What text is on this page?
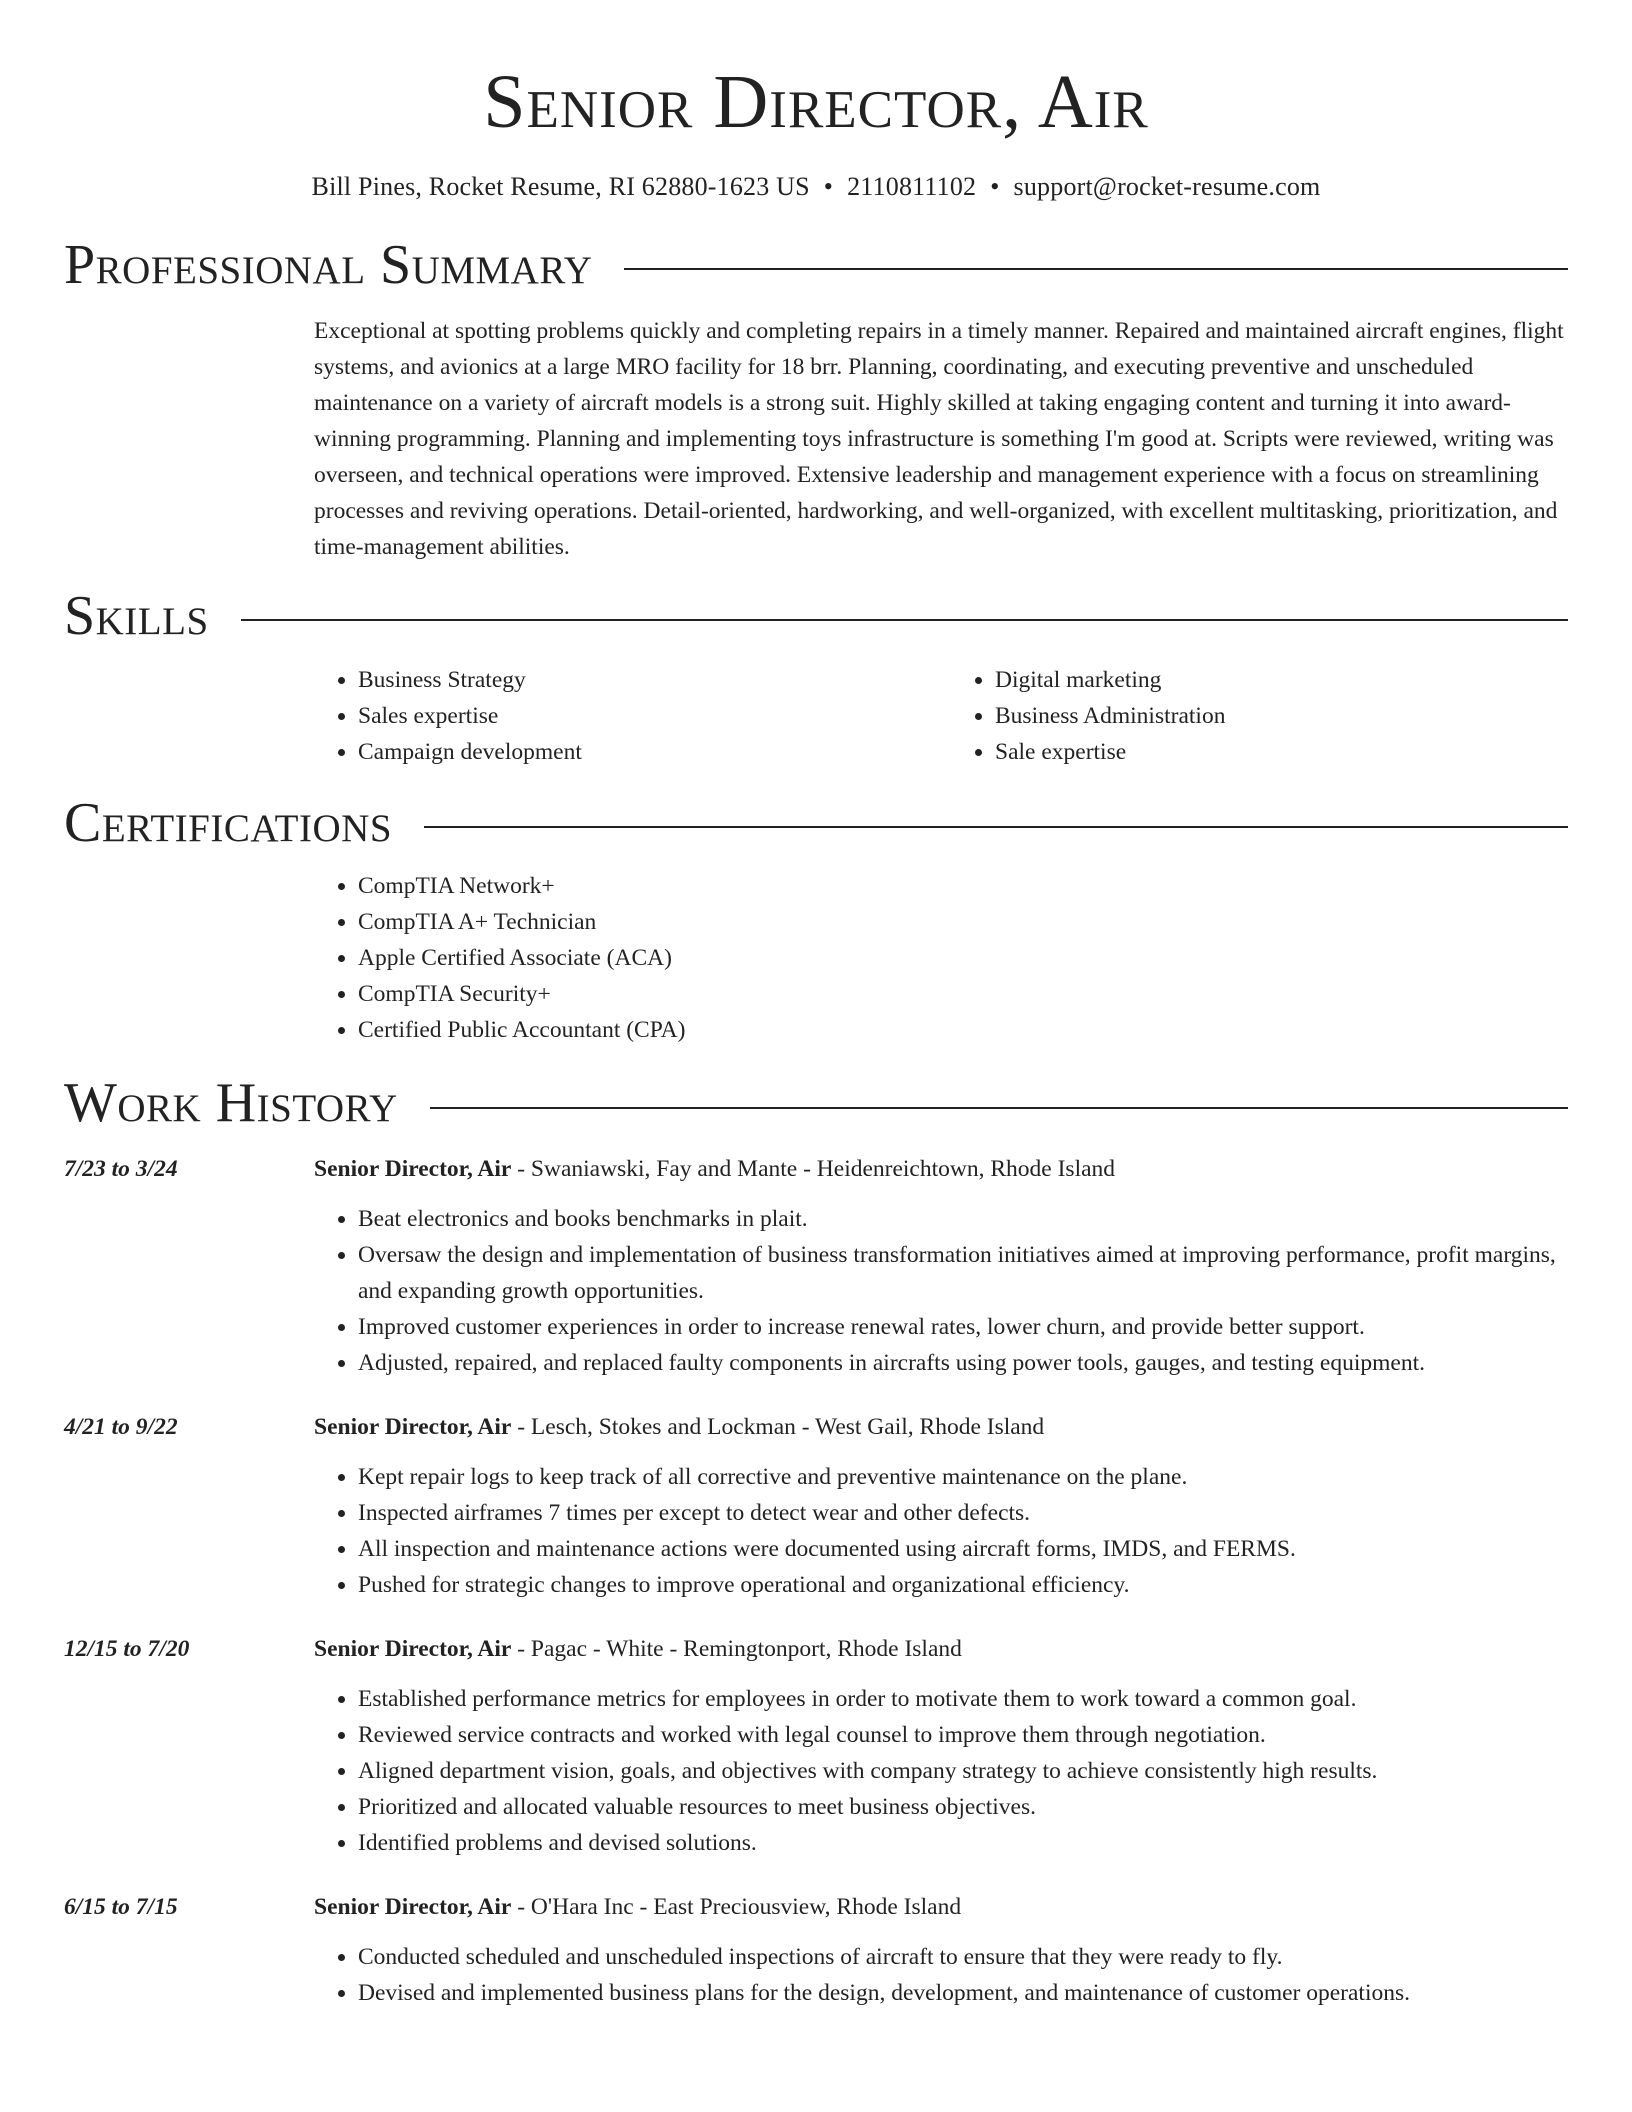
Senior Director, Air
Bill Pines, Rocket Resume, RI 62880-1623 US • 2110811102 • support@rocket-resume.com
Professional Summary

Exceptional at spotting problems quickly and completing repairs in a timely manner. Repaired and maintained aircraft engines, flight systems, and avionics at a large MRO facility for 18 brr. Planning, coordinating, and executing preventive and unscheduled maintenance on a variety of aircraft models is a strong suit. Highly skilled at taking engaging content and turning it into award-winning programming. Planning and implementing toys infrastructure is something I'm good at. Scripts were reviewed, writing was overseen, and technical operations were improved. Extensive leadership and management experience with a focus on streamlining processes and reviving operations. Detail-oriented, hardworking, and well-organized, with excellent multitasking, prioritization, and time-management abilities.

Skills
• Business Strategy
• Sales expertise
• Campaign development
• Digital marketing
• Business Administration
• Sale expertise
Certifications
• CompTIA Network+
• CompTIA A+ Technician
• Apple Certified Associate (ACA)
• CompTIA Security+
• Certified Public Accountant (CPA)
Work History
7/23 to 3/24	Senior Director, Air - Swaniawski, Fay and Mante - Heidenreichtown, Rhode Island
• Beat electronics and books benchmarks in plait.
• Oversaw the design and implementation of business transformation initiatives aimed at improving performance, profit margins, and expanding growth opportunities.
• Improved customer experiences in order to increase renewal rates, lower churn, and provide better support.
• Adjusted, repaired, and replaced faulty components in aircrafts using power tools, gauges, and testing equipment.
4/21 to 9/22	Senior Director, Air - Lesch, Stokes and Lockman - West Gail, Rhode Island
• Kept repair logs to keep track of all corrective and preventive maintenance on the plane.
• Inspected airframes 7 times per except to detect wear and other defects.
• All inspection and maintenance actions were documented using aircraft forms, IMDS, and FERMS.
• Pushed for strategic changes to improve operational and organizational efficiency.
12/15 to 7/20	Senior Director, Air - Pagac - White - Remingtonport, Rhode Island
• Established performance metrics for employees in order to motivate them to work toward a common goal.
• Reviewed service contracts and worked with legal counsel to improve them through negotiation.
• Aligned department vision, goals, and objectives with company strategy to achieve consistently high results.
• Prioritized and allocated valuable resources to meet business objectives.
• Identified problems and devised solutions.
6/15 to 7/15	Senior Director, Air - O'Hara Inc - East Preciousview, Rhode Island
• Conducted scheduled and unscheduled inspections of aircraft to ensure that they were ready to fly.
• Devised and implemented business plans for the design, development, and maintenance of customer operations.
